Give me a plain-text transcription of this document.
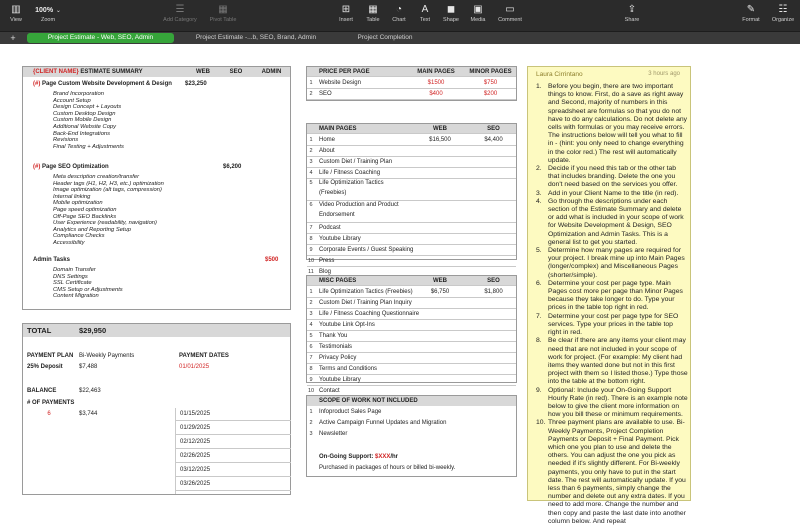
▥
View
100% ⌄
Zoom
☰
Add Category
▦
Pivot Table
⊞
Insert
▦
Table
◔
Chart
A
Text
◼
Shape
▣
Media
▭
Comment
⇪
Share
✎
Format
☷
Organize
+	Project Estimate - Web, SEO, Admin	Project Estimate -...b, SEO, Brand, Admin	Project Completion
{CLIENT NAME} ESTIMATE SUMMARY	WEB	SEO	ADMIN
(#) Page Custom Website Development & Design	$23,250
Brand Incorporation
Account Setup
Design Concept + Layouts
Custom Desktop Design
Custom Mobile Design
Additional Website Copy
Back-End Integrations
Revisions
Final Testing + Adjustments
(#) Page SEO Optimization	$6,200
Meta description creation/transfer
Header tags (H1, H2, H3, etc.) optimization
Image optimization (alt tags, compression)
Internal linking
Mobile optimization
Page speed optimization
Off-Page SEO Backlinks
User Experience (readability, navigation)
Analytics and Reporting Setup
Compliance Checks
Accessibility
Admin Tasks	$500
Domain Transfer
DNS Settings
SSL Certificate
CMS Setup or Adjustments
Content Migration
TOTAL	$29,950
PAYMENT PLAN Bi-Weekly Payments	PAYMENT DATES
25% Deposit	$7,488	01/01/2025
BALANCE	$22,463
# OF PAYMENTS
6	$3,744	01/15/2025
01/29/2025
02/12/2025
02/26/2025
03/12/2025
03/26/2025
PRICE PER PAGE	MAIN PAGES	MINOR PAGES
1	Website Design	$1500	$750
2	SEO	$400	$200
MAIN PAGES	WEB	SEO
1	Home	$16,500	$4,400
2	About
3	Custom Diet / Training Plan
4	Life / Fitness Coaching
5	Life Optimization Tactics (Freebies)
6	Video Production and Product Endorsement
7	Podcast
8	Youtube Library
9	Corporate Events / Guest Speaking
10 Press
11 Blog
MISC PAGES	WEB	SEO
1	Life Optimization Tactics (Freebies)	$6,750	$1,800
2	Custom Diet / Training Plan Inquiry
3	Life / Fitness Coaching Questionnaire
4	Youtube Link Opt-Ins
5	Thank You
6	Testimonials
7	Privacy Policy
8	Terms and Conditions
9	Youtube Library
10 Contact
SCOPE OF WORK NOT INCLUDED
1	Infoproduct Sales Page
2	Active Campaign Funnel Updates and Migration
3	Newsletter
On-Going Support: $XXX/hr
Purchased in packages of hours or billed bi-weekly.
Laura Cirrintano	3 hours ago
1. Before you begin, there are two important things to know. First, do a save as right away and Second, majority of numbers in this spreadsheet are formulas so that you do not have to do any calculations. Do not delete any cells with formulas or you may receive errors. The instructions below will tell you what to fill in - (hint: you only need to change everything in the color red.) The rest will automatically update.
2. Decide if you need this tab or the other tab that includes branding. Delete the one you don't need based on the services you offer.
3. Add in your Client Name to the title (in red).
4. Go through the descriptions under each section of the Estimate Summary and delete or add what is included in your scope of work for Website Development & Design, SEO Optimization and Admin Tasks. This is a general list to get you started.
5. Determine how many pages are required for your project. I break mine up into Main Pages (longer/complex) and Miscellaneous Pages (shorter/simple).
6. Determine your cost per page type. Main Pages cost more per page than Minor Pages because they take longer to do. Type your prices in the table top right in red.
7. Determine your cost per page type for SEO services. Type your prices in the table top right in red.
8. Be clear if there are any items your client may need that are not included in your scope of work for project. (For example: My client had items they wanted done but not in this first project with them so I listed those.) Type those into the table at the bottom right.
9. Optional: Include your On-Going Support Hourly Rate (in red). There is an example note below to give the client more information on how you bill these or minimum requirements.
10. Three payment plans are available to use. Bi-Weekly Payments, Project Completion Payments or Deposit + Final Payment. Pick which one you plan to use and delete the others. You can adjust the one you pick as needed if it's slightly different. For Bi-weekly payments, you only have to put in the start date. The rest will automatically update. If you less than 6 payments, simply change the number and delete out any extra dates. If you need to add more. Change the number and then copy and paste the last date into another column below. And repeat
